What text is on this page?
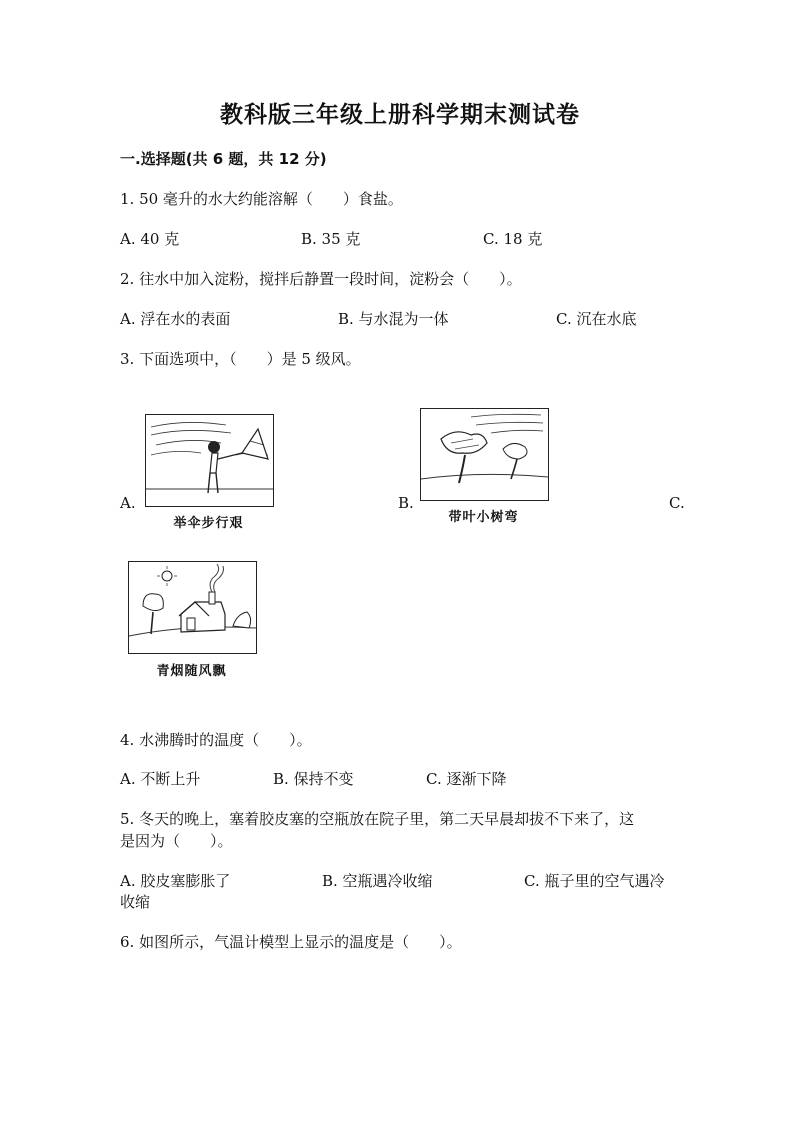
教科版三年级上册科学期末测试卷
一.选择题(共 6 题，共 12 分)
1. 50 毫升的水大约能溶解（　　）食盐。
A. 40 克	B. 35 克	C. 18 克
2. 往水中加入淀粉，搅拌后静置一段时间，淀粉会（　　）。
A. 浮在水的表面	B. 与水混为一体	C. 沉在水底
3. 下面选项中，（　　）是 5 级风。
A.	B.	C.
举伞步行艰	带叶小树弯
青烟随风飘
4. 水沸腾时的温度（　　）。
A. 不断上升	B. 保持不变	C. 逐渐下降
5. 冬天的晚上，塞着胶皮塞的空瓶放在院子里，第二天早晨却拔不下来了，这
是因为（　　）。
A. 胶皮塞膨胀了	B. 空瓶遇冷收缩	C. 瓶子里的空气遇冷
收缩
6. 如图所示，气温计模型上显示的温度是（　　）。
